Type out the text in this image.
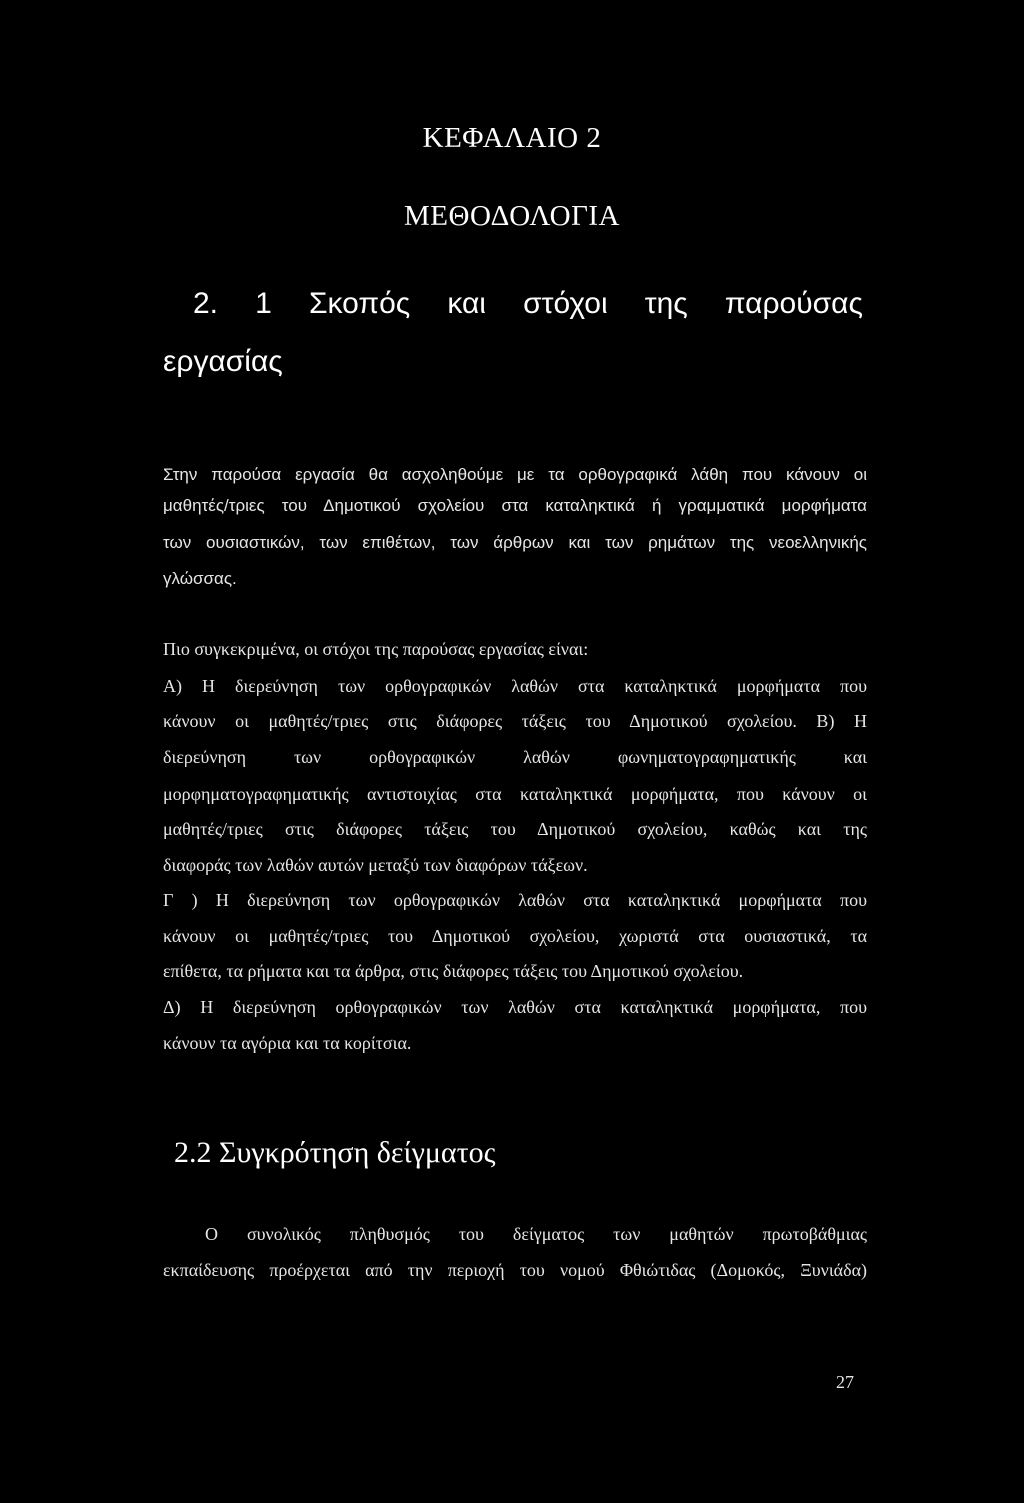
ΚΕΦΑΛΑΙΟ 2
ΜΕΘΟΔΟΛΟΓΙΑ
2. 1 Σκοπός και στόχοι της παρούσας
εργασίας
Στην παρούσα εργασία θα ασχοληθούμε με τα ορθογραφικά λάθη που κάνουν οι
μαθητές/τριες του Δημοτικού σχολείου στα καταληκτικά ή γραμματικά μορφήματα
των ουσιαστικών, των επιθέτων, των άρθρων και των ρημάτων της νεοελληνικής
γλώσσας.
Πιο συγκεκριμένα, οι στόχοι της παρούσας εργασίας είναι:
Α) Η διερεύνηση των ορθογραφικών λαθών στα καταληκτικά μορφήματα που
κάνουν οι μαθητές/τριες στις διάφορες τάξεις του Δημοτικού σχολείου. Β) Η
διερεύνηση των ορθογραφικών λαθών φωνηματογραφηματικής και
μορφηματογραφηματικής αντιστοιχίας στα καταληκτικά μορφήματα, που κάνουν οι
μαθητές/τριες στις διάφορες τάξεις του Δημοτικού σχολείου, καθώς και της
διαφοράς των λαθών αυτών μεταξύ των διαφόρων τάξεων.
Γ ) Η διερεύνηση των ορθογραφικών λαθών στα καταληκτικά μορφήματα που
κάνουν οι μαθητές/τριες του Δημοτικού σχολείου, χωριστά στα ουσιαστικά, τα
επίθετα, τα ρήματα και τα άρθρα, στις διάφορες τάξεις του Δημοτικού σχολείου.
Δ) Η διερεύνηση ορθογραφικών των λαθών στα καταληκτικά μορφήματα, που
κάνουν τα αγόρια και τα κορίτσια.
2.2 Συγκρότηση δείγματος
Ο συνολικός πληθυσμός του δείγματος των μαθητών πρωτοβάθμιας
εκπαίδευσης προέρχεται από την περιοχή του νομού Φθιώτιδας (Δομοκός, Ξυνιάδα)
27
